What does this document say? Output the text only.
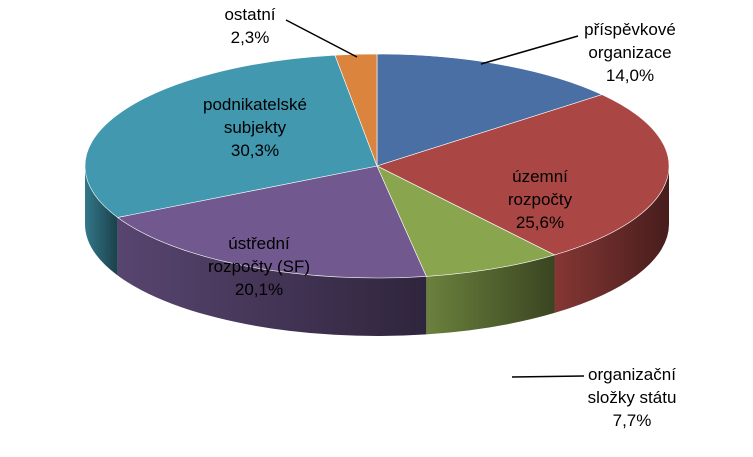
příspěvkové
organizace
14,0%
územní
rozpočty
25,6%
organizační
složky státu
7,7%
ústřední
rozpočty (SF)
20,1%
podnikatelské
subjekty
30,3%
ostatní
2,3%
